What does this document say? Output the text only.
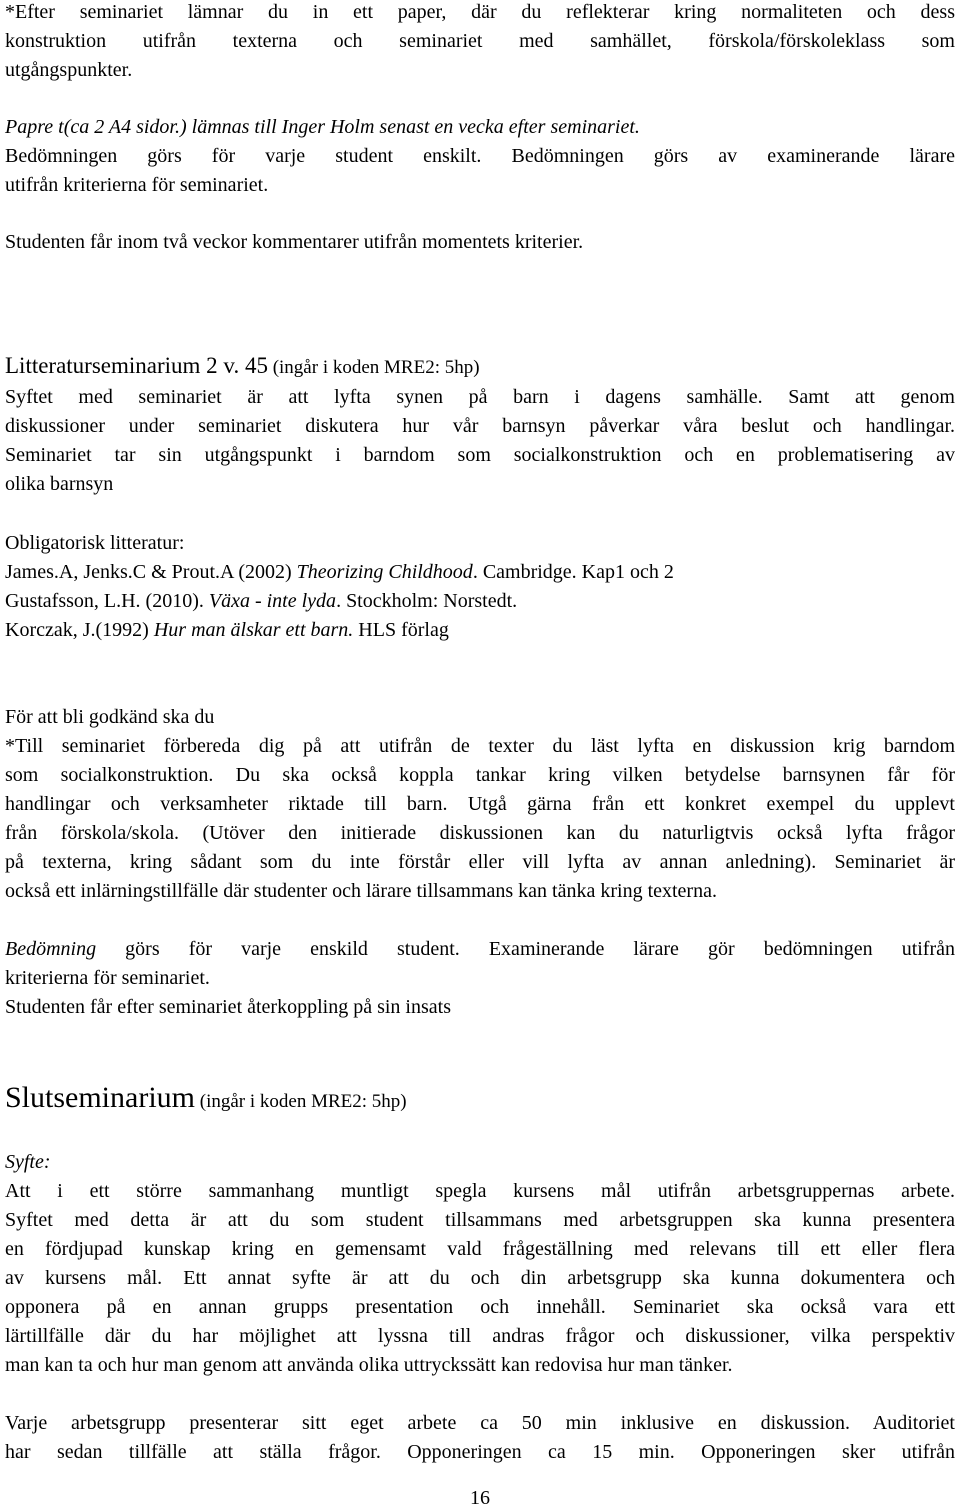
*Efter seminariet lämnar du in ett paper, där du reflekterar kring normaliteten och dess
konstruktion utifrån texterna och seminariet med samhället, förskola/förskoleklass som
utgångspunkter.
Papre t(ca 2 A4 sidor.) lämnas till Inger Holm senast en vecka efter seminariet.
Bedömningen görs för varje student enskilt. Bedömningen görs av examinerande lärare
utifrån kriterierna för seminariet.
Studenten får inom två veckor kommentarer utifrån momentets kriterier.
Litteraturseminarium 2 v. 45 (ingår i koden MRE2: 5hp)
Syftet med seminariet är att lyfta synen på barn i dagens samhälle. Samt att genom
diskussioner under seminariet diskutera hur vår barnsyn påverkar våra beslut och handlingar.
Seminariet tar sin utgångspunkt i barndom som socialkonstruktion och en problematisering av
olika barnsyn
Obligatorisk litteratur:
James.A, Jenks.C & Prout.A (2002) Theorizing Childhood. Cambridge. Kap1 och 2
Gustafsson, L.H. (2010). Växa - inte lyda. Stockholm: Norstedt.
Korczak, J.(1992) Hur man älskar ett barn. HLS förlag
För att bli godkänd ska du
*Till seminariet förbereda dig på att utifrån de texter du läst lyfta en diskussion krig barndom
som socialkonstruktion. Du ska också koppla tankar kring vilken betydelse barnsynen får för
handlingar och verksamheter riktade till barn. Utgå gärna från ett konkret exempel du upplevt
från förskola/skola. (Utöver den initierade diskussionen kan du naturligtvis också lyfta frågor
på texterna, kring sådant som du inte förstår eller vill lyfta av annan anledning). Seminariet är
också ett inlärningstillfälle där studenter och lärare tillsammans kan tänka kring texterna.
Bedömning görs för varje enskild student. Examinerande lärare gör bedömningen utifrån
kriterierna för seminariet.
Studenten får efter seminariet återkoppling på sin insats
Slutseminarium (ingår i koden MRE2: 5hp)
Syfte:
Att i ett större sammanhang muntligt spegla kursens mål utifrån arbetsgruppernas arbete.
Syftet med detta är att du som student tillsammans med arbetsgruppen ska kunna presentera
en fördjupad kunskap kring en gemensamt vald frågeställning med relevans till ett eller flera
av kursens mål. Ett annat syfte är att du och din arbetsgrupp ska kunna dokumentera och
opponera på en annan grupps presentation och innehåll. Seminariet ska också vara ett
lärtillfälle där du har möjlighet att lyssna till andras frågor och diskussioner, vilka perspektiv
man kan ta och hur man genom att använda olika uttryckssätt kan redovisa hur man tänker.
Varje arbetsgrupp presenterar sitt eget arbete ca 50 min inklusive en diskussion. Auditoriet
har sedan tillfälle att ställa frågor. Opponeringen ca 15 min. Opponeringen sker utifrån
16
